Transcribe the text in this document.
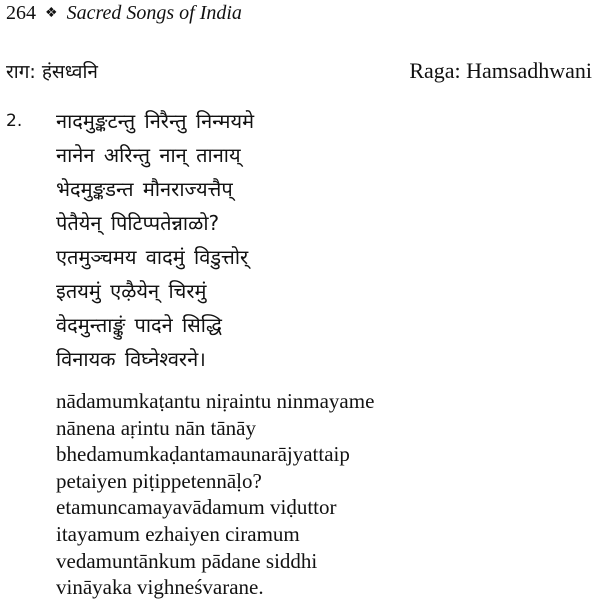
264 ❖ Sacred Songs of India
राग: हंसध्वनि	Raga: Hamsadhwani
2. नादमुङ्कटन्तु निरैन्तु निन्मयमे
नानेन अरिन्तु नान् तानाय्
भेदमुङ्कडन्त मौनराज्यत्तैप्
पेतैयेन् पिटिप्पतेन्नाळो?
एतमुञ्चमय वादमुं विडुत्तोर्
इतयमुं एऴैयेन् चिरमुं
वेदमुन्ताङ्कुं पादने सिद्धि
विनायक विघ्नेश्वरने।
nādamumkaṭantu niṛaintu ninmayame
nānena aṛintu nān tānāy
bhedamumkaḍantamaunarājyattaip
petaiyen piṭippetennāḷo?
etamuncamayavādamum viḍuttor
itayamum ezhaiyen ciramum
vedamuntānkum pādane siddhi
vināyaka vighneśvarane.
